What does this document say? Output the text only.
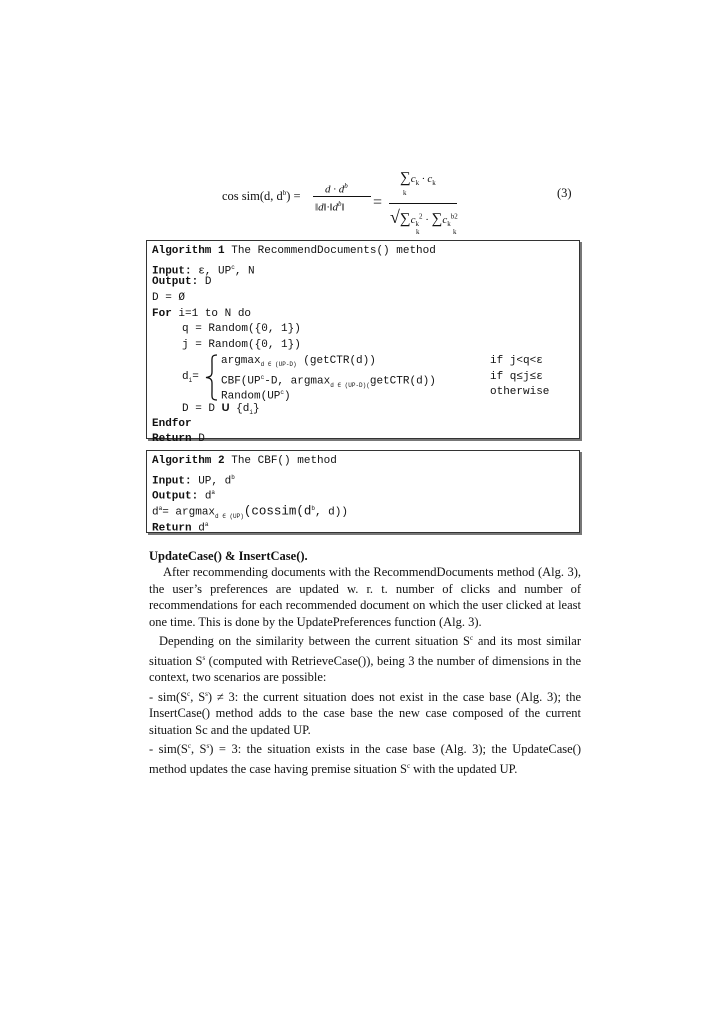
cos sim(d, $d^b) = d \cdot d^b$
$‖d‖\cdot‖d^b‖$ =
$\sum c_k \cdot c_k$
k
$√\sum c_k^2 \cdot \sum c_k^{b2}$
k	k
(3)
Algorithm 1 The RecommendDocuments() method
Input: ε, $UP^c$, N
Output: D
D = Ø
For i=1 to N do
q = Random({0, 1})
j = Random({0, 1})
$d_i=$
argmax$_{d \in (UP-D)}$ (getCTR(d))	if j<q<ε
$CBF(UP^c-D$, argmax$_{d \in (UP-D)(}$getCTR(d))	if q≤j≤ε
$Random(UP^c)$	otherwise
D = D U $\{d_i\}$
Endfor
Return D
Algorithm 2 The CBF() method
Input: UP, $d^b$
Output: $d^a$
$d^a=$ $argmax_{d \in (UP)}(cossim(d^b$, d))
Return $d^a$

UpdateCase() & InsertCase().

After recommending documents with the RecommendDocuments method (Alg. 3), the user’s preferences are updated w. r. t. number of clicks and number of recommendations for each recommended document on which the user clicked at least one time. This is done by the UpdatePreferences function (Alg. 3).

Depending on the similarity between the current situation $S^c$ and its most similar situation $S^s$ (computed with RetrieveCase()), being 3 the number of dimensions in the context, two scenarios are possible:

- $sim(S^c$, $S^s) \ne 3$: the current situation does not exist in the case base (Alg. 3); the InsertCase() method adds to the case base the new case composed of the current situation Sc and the updated UP.

- $sim(S^c$, $S^s) = 3$: the situation exists in the case base (Alg. 3); the UpdateCase() method updates the case having premise situation $S^c$ with the updated UP.
